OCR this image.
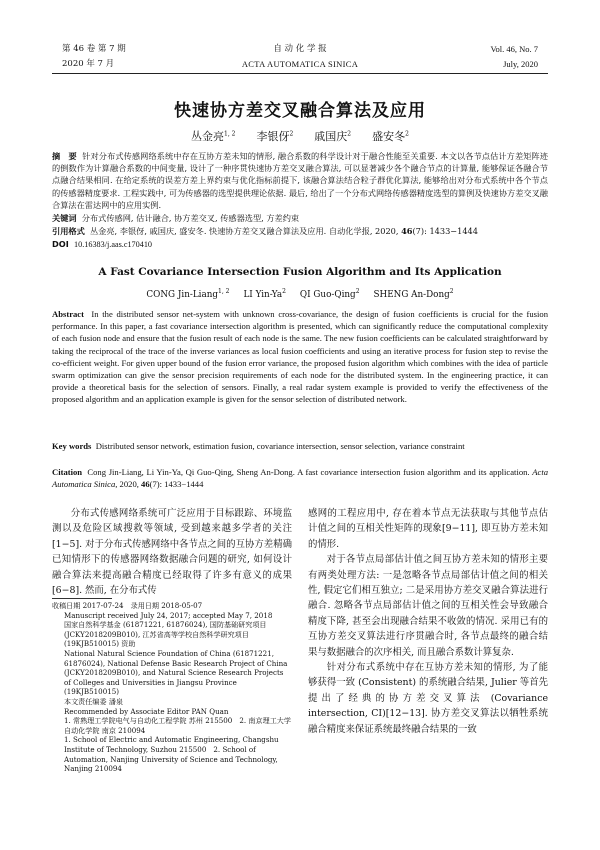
第 46 卷 第 7 期
2020 年 7 月
自 动 化 学 报
ACTA AUTOMATICA SINICA
Vol. 46, No. 7
July, 2020
快速协方差交叉融合算法及应用
丛金亮$^{1, 2}$ 李银伢$^2$ 戚国庆$^2$ 盛安冬$^2$
摘　要 针对分布式传感网络系统中存在互协方差未知的情形, 融合系数的科学设计对于融合性能至关重要. 本文以各节点估计方差矩阵迹的倒数作为计算融合系数的中间变量, 设计了一种序贯快速协方差交叉融合算法, 可以显著减少各个融合节点的计算量, 能够保证各融合节点融合结果相同. 在给定系统的误差方差上界约束与优化指标前提下, 该融合算法结合粒子群优化算法, 能够给出对分布式系统中各个节点的传感器精度要求. 工程实践中, 可为传感器的选型提供理论依据. 最后, 给出了一个分布式网络传感器精度选型的算例及快速协方差交叉融合算法在雷达网中的应用实例.
关键词 分布式传感网, 估计融合, 协方差交叉, 传感器选型, 方差约束
引用格式 丛金亮, 李银伢, 戚国庆, 盛安冬. 快速协方差交叉融合算法及应用. 自动化学报, 2020, 46(7): 1433−1444
DOI 10.16383/j.aas.c170410
A Fast Covariance Intersection Fusion Algorithm and Its Application
CONG Jin-Liang$^{1, 2}$ LI Yin-Ya$^2$ QI Guo-Qing$^2$ SHENG An-Dong$^2$
Abstract In the distributed sensor net-system with unknown cross-covariance, the design of fusion coefficients is crucial for the fusion performance. In this paper, a fast covariance intersection algorithm is presented, which can significantly reduce the computational complexity of each fusion node and ensure that the fusion result of each node is the same. The new fusion coefficients can be calculated straightforward by taking the reciprocal of the trace of the inverse variances as local fusion coefficients and using an iterative process for fusion step to revise the co-efficient weight. For given upper bound of the fusion error variance, the proposed fusion algorithm which combines with the idea of particle swarm optimization can give the sensor precision requirements of each node for the distributed system. In the engineering practice, it can provide a theoretical basis for the selection of sensors. Finally, a real radar system example is provided to verify the effectiveness of the proposed algorithm and an application example is given for the sensor selection of distributed network.
Key words Distributed sensor network, estimation fusion, covariance intersection, sensor selection, variance constraint
Citation Cong Jin-Liang, Li Yin-Ya, Qi Guo-Qing, Sheng An-Dong. A fast covariance intersection fusion algorithm and its application. Acta Automatica Sinica, 2020, 46(7): 1433−1444
分布式传感网络系统可广泛应用于目标跟踪、环境监测以及危险区域搜救等领域, 受到越来越多学者的关注[1−5]. 对于分布式传感网络中各节点之间的互协方差精确已知情形下的传感器网络数据融合问题的研究, 如何设计融合算法来提高融合精度已经取得了许多有意义的成果[6−8]. 然而, 在分布式传
收稿日期 2017-07-24　录用日期 2018-05-07
Manuscript received July 24, 2017; accepted May 7, 2018
国家自然科学基金 (61871221, 61876024), 国防基础研究项目 (JCKY2018209B010), 江苏省高等学校自然科学研究项目 (19KJB510015) 资助
National Natural Science Foundation of China (61871221, 61876024), National Defense Basic Research Project of China (JCKY2018209B010), and Natural Science Research Projects of Colleges and Universities in Jiangsu Province (19KJB510015)
本文责任编委 潘泉
Recommended by Associate Editor PAN Quan
1. 常熟理工学院电气与自动化工程学院 苏州 215500　2. 南京理工大学自动化学院 南京 210094
1. School of Electric and Automatic Engineering, Changshu Institute of Technology, Suzhou 215500　2. School of Automation, Nanjing University of Science and Technology, Nanjing 210094
感网的工程应用中, 存在着本节点无法获取与其他节点估计值之间的互相关性矩阵的现象[9−11], 即互协方差未知的情形.
对于各节点局部估计值之间互协方差未知的情形主要有两类处理方法: 一是忽略各节点局部估计值之间的相关性, 假定它们相互独立; 二是采用协方差交叉融合算法进行融合. 忽略各节点局部估计值之间的互相关性会导致融合精度下降, 甚至会出现融合结果不收敛的情况. 采用已有的互协方差交叉算法进行序贯融合时, 各节点最终的融合结果与数据融合的次序相关, 而且融合系数计算复杂.
针对分布式系统中存在互协方差未知的情形, 为了能够获得一致 (Consistent) 的系统融合结果, Julier 等首先提出了经典的协方差交叉算法 (Covariance intersection, CI)[12−13]. 协方差交叉算法以牺牲系统融合精度来保证系统最终融合结果的一致
